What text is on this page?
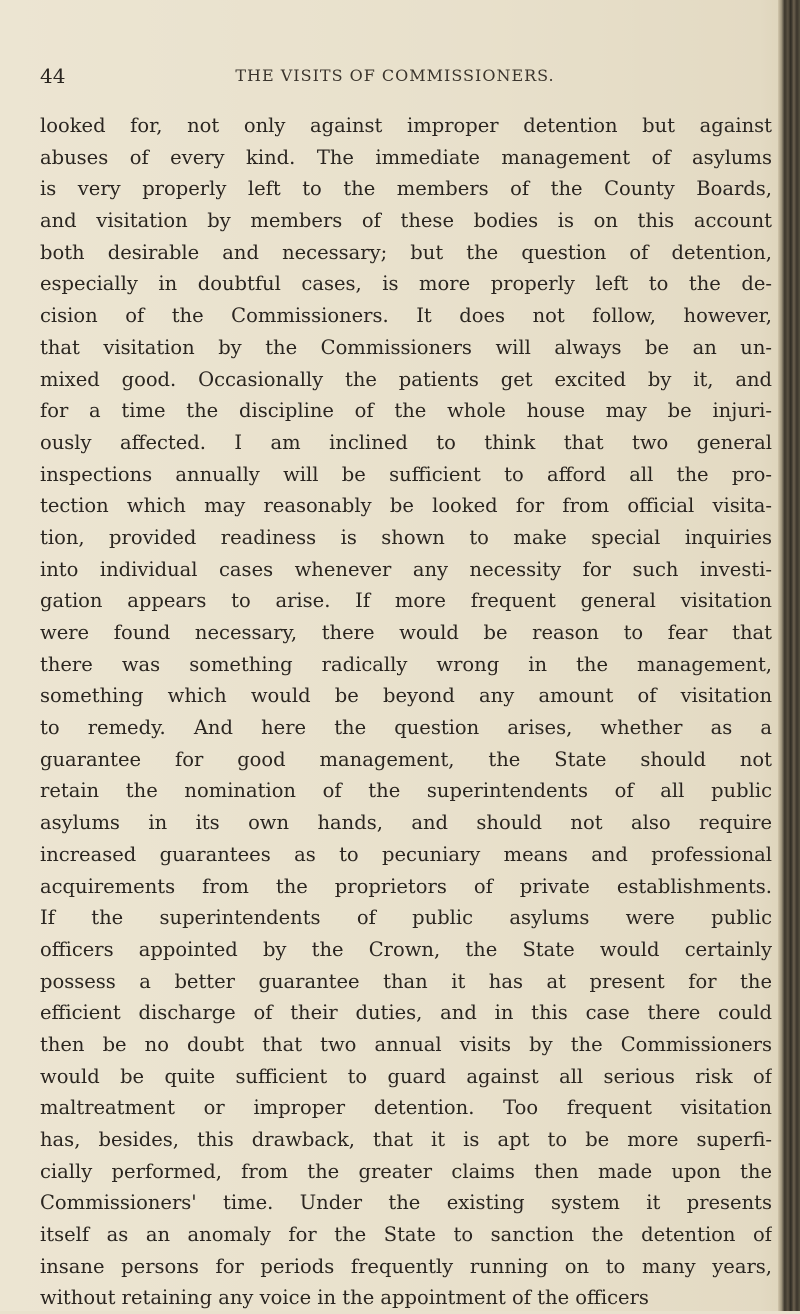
44	THE VISITS OF COMMISSIONERS.
looked for, not only against improper detention but against
abuses of every kind. The immediate management of asylums
is very properly left to the members of the County Boards,
and visitation by members of these bodies is on this account
both desirable and necessary; but the question of detention,
especially in doubtful cases, is more properly left to the de-
cision of the Commissioners. It does not follow, however,
that visitation by the Commissioners will always be an un-
mixed good. Occasionally the patients get excited by it, and
for a time the discipline of the whole house may be injuri-
ously affected. I am inclined to think that two general
inspections annually will be sufficient to afford all the pro-
tection which may reasonably be looked for from official visita-
tion, provided readiness is shown to make special inquiries
into individual cases whenever any necessity for such investi-
gation appears to arise. If more frequent general visitation
were found necessary, there would be reason to fear that
there was something radically wrong in the management,
something which would be beyond any amount of visitation
to remedy. And here the question arises, whether as a
guarantee for good management, the State should not
retain the nomination of the superintendents of all public
asylums in its own hands, and should not also require
increased guarantees as to pecuniary means and professional
acquirements from the proprietors of private establishments.
If the superintendents of public asylums were public
officers appointed by the Crown, the State would certainly
possess a better guarantee than it has at present for the
efficient discharge of their duties, and in this case there could
then be no doubt that two annual visits by the Commissioners
would be quite sufficient to guard against all serious risk of
maltreatment or improper detention. Too frequent visitation
has, besides, this drawback, that it is apt to be more superfi-
cially performed, from the greater claims then made upon the
Commissioners' time. Under the existing system it presents
itself as an anomaly for the State to sanction the detention of
insane persons for periods frequently running on to many years,
without retaining any voice in the appointment of the officers
